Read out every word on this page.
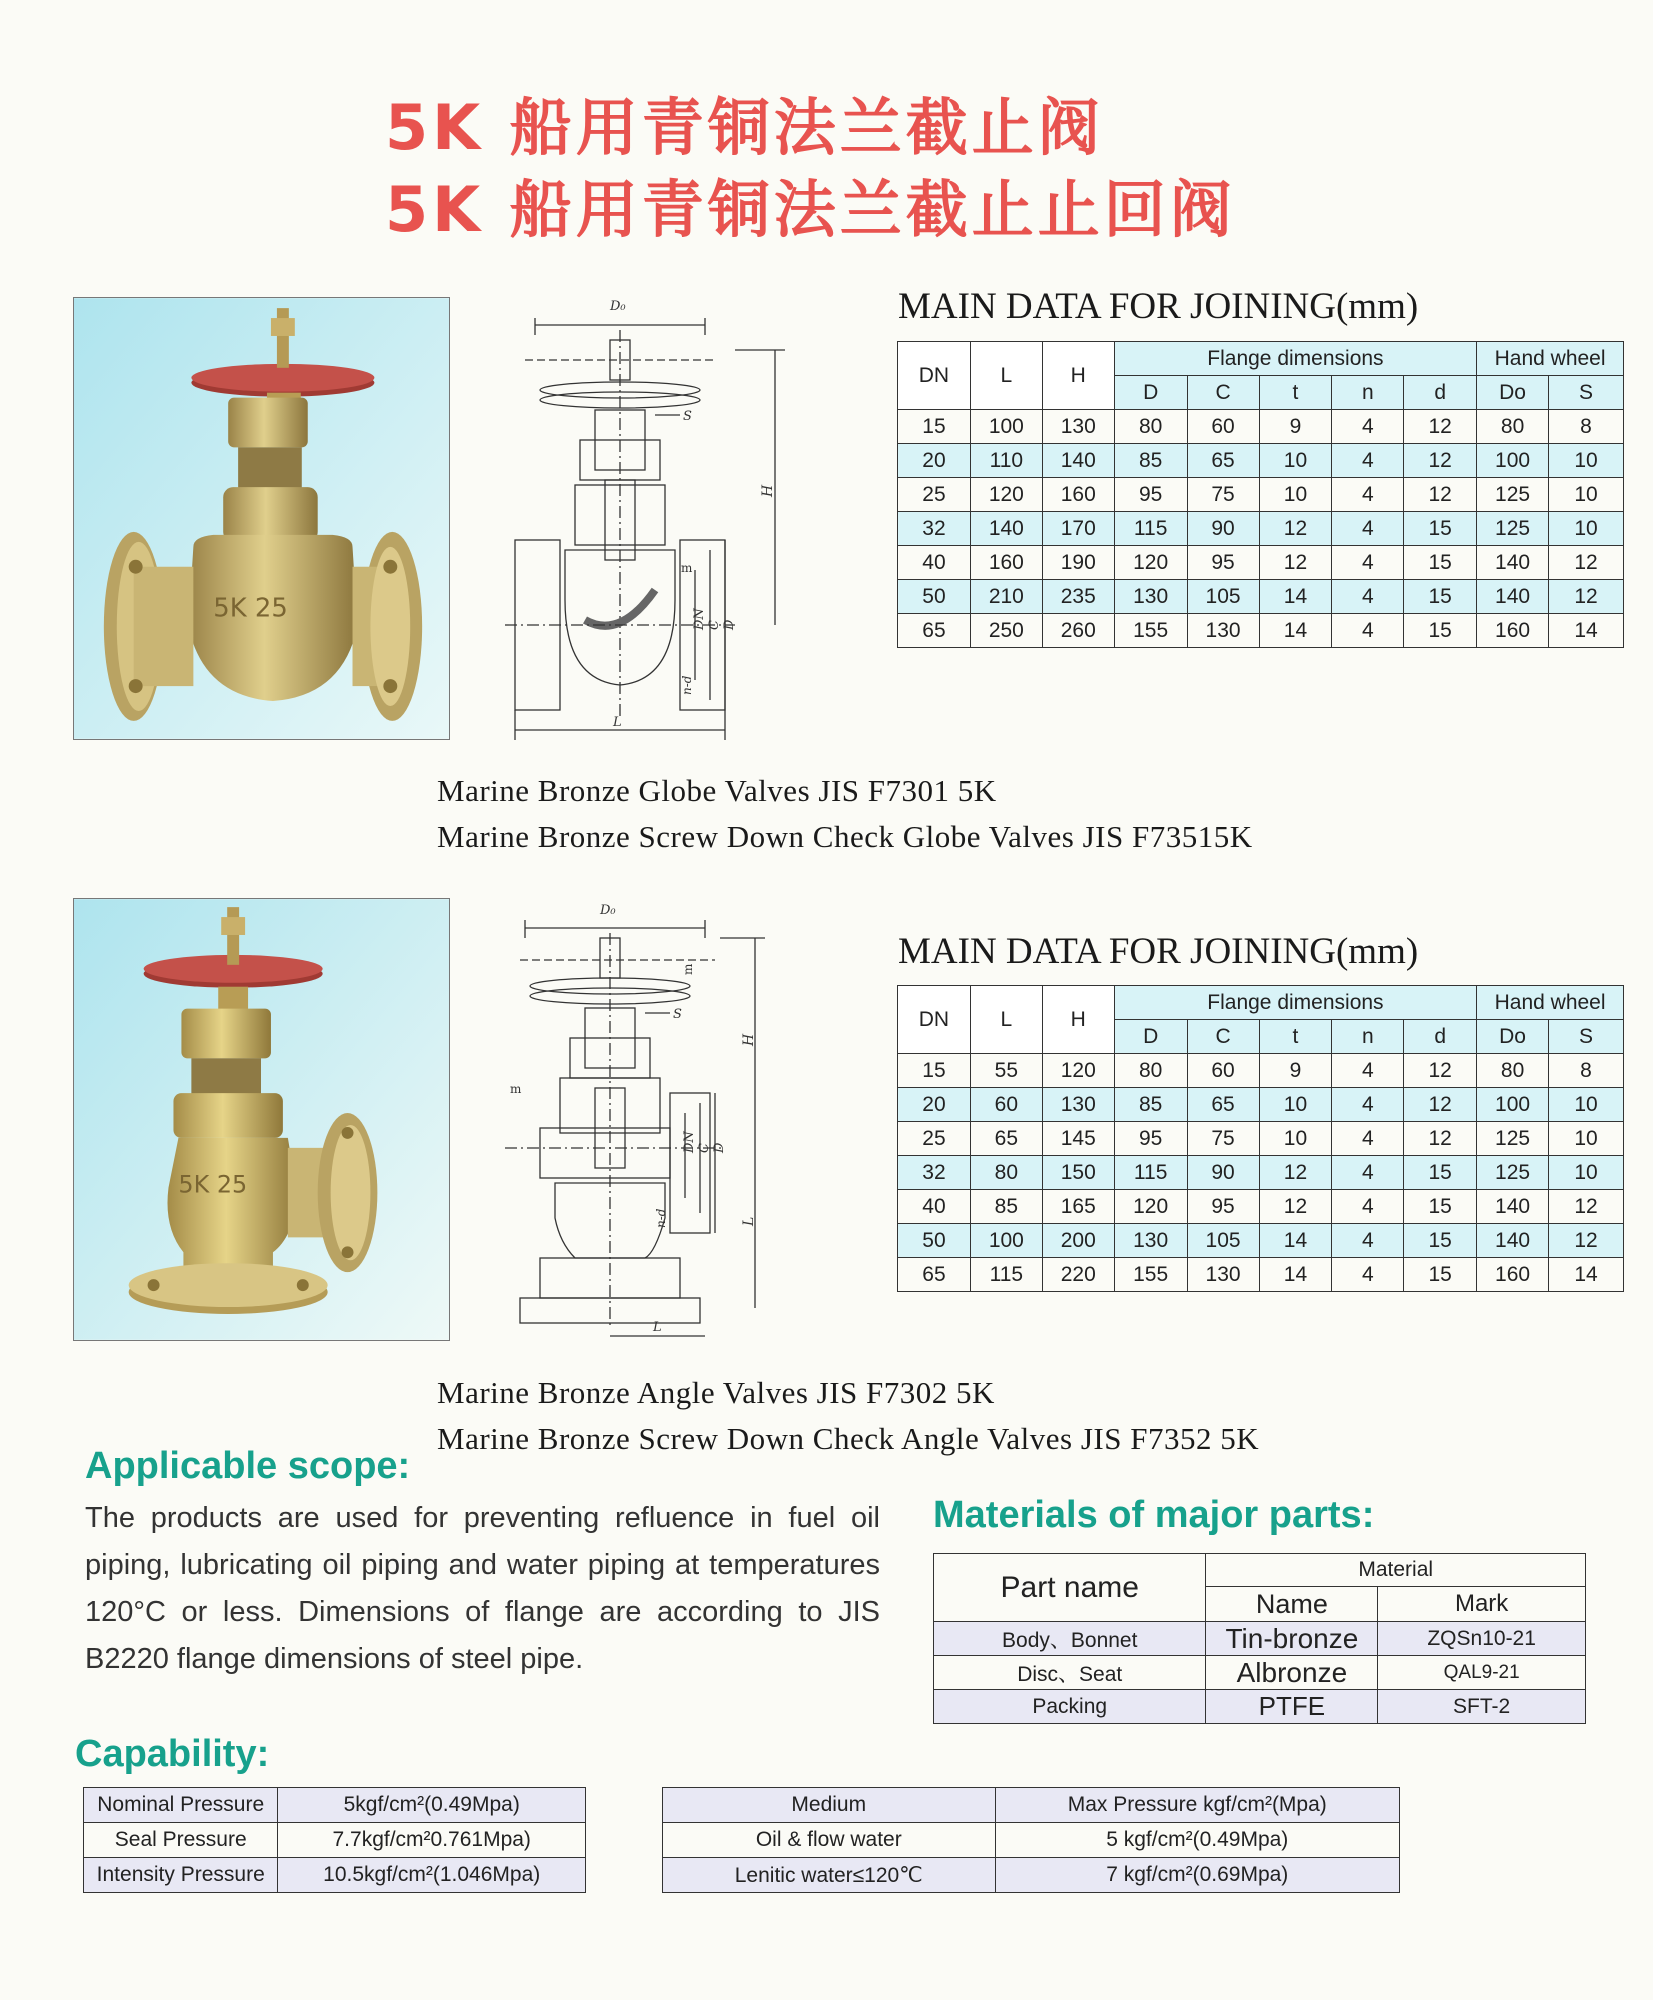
5K 船用青铜法兰截止阀
5K 船用青铜法兰截止止回阀
5K 25
D₀
S
H
m
DN C D
n-d
L
MAIN DATA FOR JOINING(mm)
DN	L	H	Flange dimensions					Hand wheel	
			D	C	t	n	d	Do	S
15	100	130	80	60	9	4	12	80	8
20	110	140	85	65	10	4	12	100	10
25	120	160	95	75	10	4	12	125	10
32	140	170	115	90	12	4	15	125	10
40	160	190	120	95	12	4	15	140	12
50	210	235	130	105	14	4	15	140	12
65	250	260	155	130	14	4	15	160	14
Marine Bronze Globe Valves JIS F7301 5K
Marine Bronze Screw Down Check Globe Valves JIS F73515K
5K 25
D₀
S
m
m
H
L
DN C D
n-d
L
MAIN DATA FOR JOINING(mm)
DN	L	H	Flange dimensions					Hand wheel	
			D	C	t	n	d	Do	S
15	55	120	80	60	9	4	12	80	8
20	60	130	85	65	10	4	12	100	10
25	65	145	95	75	10	4	12	125	10
32	80	150	115	90	12	4	15	125	10
40	85	165	120	95	12	4	15	140	12
50	100	200	130	105	14	4	15	140	12
65	115	220	155	130	14	4	15	160	14
Marine Bronze Angle Valves JIS F7302 5K
Marine Bronze Screw Down Check Angle Valves JIS F7352 5K
Applicable scope:
The products are used for preventing refluence in fuel oil piping, lubricating oil piping and water piping at temperatures 120°C or less. Dimensions of flange are according to JIS B2220 flange dimensions of steel pipe.
Materials of major parts:
Part name	Material	
	Name	Mark
Body、Bonnet	Tin-bronze	ZQSn10-21
Disc、Seat	Albronze	QAL9-21
Packing	PTFE	SFT-2
Capability:
Nominal Pressure	5kgf/cm²(0.49Mpa)
Seal Pressure	7.7kgf/cm²0.761Mpa)
Intensity Pressure	10.5kgf/cm²(1.046Mpa)
Medium	Max Pressure kgf/cm²(Mpa)
Oil & flow water	5 kgf/cm²(0.49Mpa)
Lenitic water≤120℃	7 kgf/cm²(0.69Mpa)
